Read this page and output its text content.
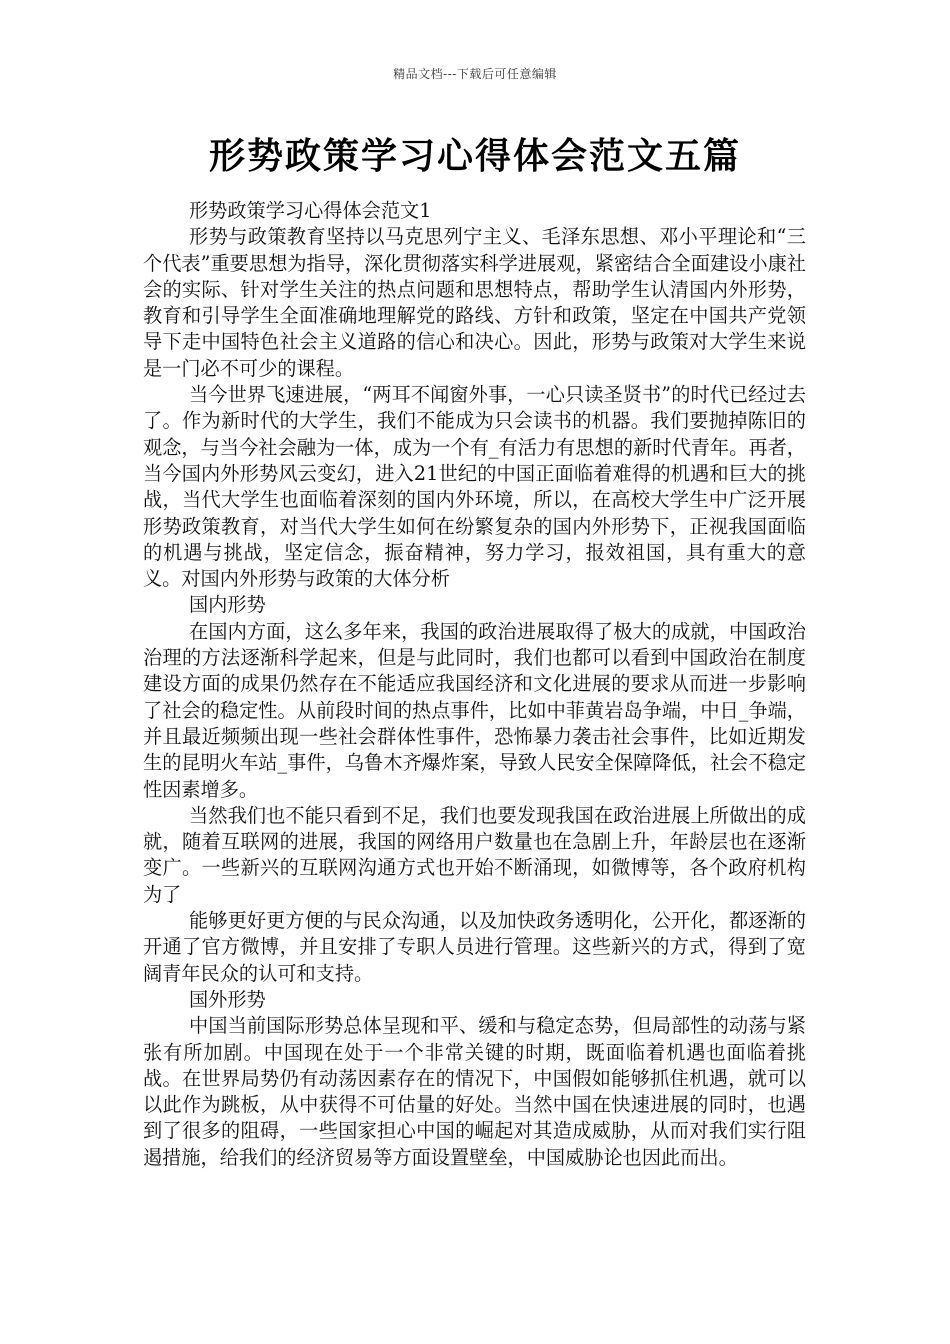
精品文档---下载后可任意编辑
形势政策学习心得体会范文五篇

形势政策学习心得体会范文1

形势与政策教育坚持以马克思列宁主义、毛泽东思想、邓小平理论和“三个代表”重要思想为指导，深化贯彻落实科学进展观，紧密结合全面建设小康社会的实际、针对学生关注的热点问题和思想特点，帮助学生认清国内外形势，教育和引导学生全面准确地理解党的路线、方针和政策，坚定在中国共产党领导下走中国特色社会主义道路的信心和决心。因此，形势与政策对大学生来说是一门必不可少的课程。

当今世界飞速进展，“两耳不闻窗外事，一心只读圣贤书”的时代已经过去了。作为新时代的大学生，我们不能成为只会读书的机器。我们要抛掉陈旧的观念，与当今社会融为一体，成为一个有_有活力有思想的新时代青年。再者，当今国内外形势风云变幻，进入21世纪的中国正面临着难得的机遇和巨大的挑战，当代大学生也面临着深刻的国内外环境，所以，在高校大学生中广泛开展形势政策教育，对当代大学生如何在纷繁复杂的国内外形势下，正视我国面临的机遇与挑战，坚定信念，振奋精神，努力学习，报效祖国，具有重大的意义。对国内外形势与政策的大体分析

国内形势

在国内方面，这么多年来，我国的政治进展取得了极大的成就，中国政治治理的方法逐渐科学起来，但是与此同时，我们也都可以看到中国政治在制度建设方面的成果仍然存在不能适应我国经济和文化进展的要求从而进一步影响了社会的稳定性。从前段时间的热点事件，比如中菲黄岩岛争端，中日_争端，并且最近频频出现一些社会群体性事件，恐怖暴力袭击社会事件，比如近期发生的昆明火车站_事件，乌鲁木齐爆炸案，导致人民安全保障降低，社会不稳定性因素增多。

当然我们也不能只看到不足，我们也要发现我国在政治进展上所做出的成就，随着互联网的进展，我国的网络用户数量也在急剧上升，年龄层也在逐渐变广。一些新兴的互联网沟通方式也开始不断涌现，如微博等，各个政府机构为了

能够更好更方便的与民众沟通，以及加快政务透明化，公开化，都逐渐的开通了官方微博，并且安排了专职人员进行管理。这些新兴的方式，得到了宽阔青年民众的认可和支持。

国外形势

中国当前国际形势总体呈现和平、缓和与稳定态势，但局部性的动荡与紧张有所加剧。中国现在处于一个非常关键的时期，既面临着机遇也面临着挑战。在世界局势仍有动荡因素存在的情况下，中国假如能够抓住机遇，就可以以此作为跳板，从中获得不可估量的好处。当然中国在快速进展的同时，也遇到了很多的阻碍，一些国家担心中国的崛起对其造成威胁，从而对我们实行阻遏措施，给我们的经济贸易等方面设置壁垒，中国威胁论也因此而出。
